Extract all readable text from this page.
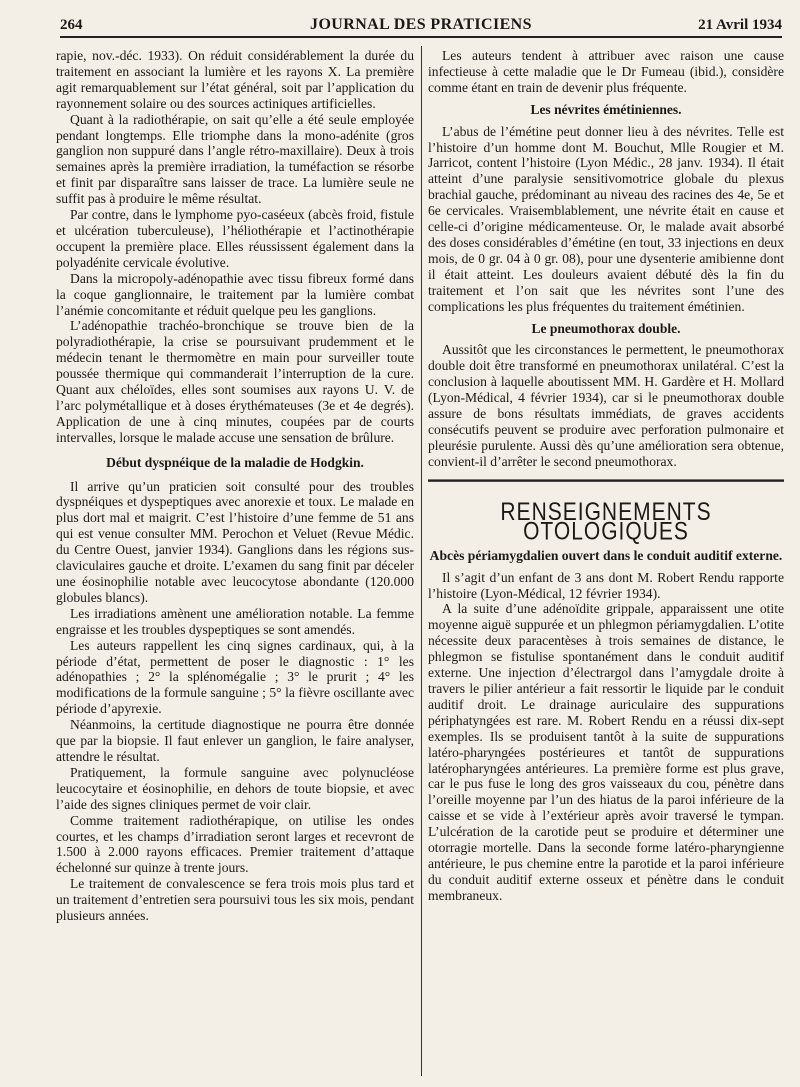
264	JOURNAL DES PRATICIENS	21 Avril 1934

rapie, nov.-déc. 1933). On réduit considérablement la durée du traitement en associant la lumière et les rayons X. La première agit remarquablement sur l’état général, soit par l’application du rayonnement solaire ou des sources actiniques artificielles.

Quant à la radiothérapie, on sait qu’elle a été seule employée pendant longtemps. Elle triomphe dans la mono-adénite (gros ganglion non suppuré dans l’angle rétro-maxillaire). Deux à trois semaines après la première irradiation, la tuméfaction se résorbe et finit par disparaître sans laisser de trace. La lumière seule ne suffit pas à produire le même résultat.

Par contre, dans le lymphome pyo-caséeux (abcès froid, fistule et ulcération tuberculeuse), l’héliothérapie et l’actinothérapie occupent la première place. Elles réussissent également dans la polyadénite cervicale évolutive.

Dans la micropoly-adénopathie avec tissu fibreux formé dans la coque ganglionnaire, le traitement par la lumière combat l’anémie concomitante et réduit quelque peu les ganglions.

L’adénopathie trachéo-bronchique se trouve bien de la polyradiothérapie, la crise se poursuivant prudemment et le médecin tenant le thermomètre en main pour surveiller toute poussée thermique qui commanderait l’interruption de la cure. Quant aux chéloïdes, elles sont soumises aux rayons U. V. de l’arc polymétallique et à doses érythémateuses (3e et 4e degrés). Application de une à cinq minutes, coupées par de courts intervalles, lorsque le malade accuse une sensation de brûlure.

Début dyspnéique de la maladie de Hodgkin.

Il arrive qu’un praticien soit consulté pour des troubles dyspnéiques et dyspeptiques avec anorexie et toux. Le malade en plus dort mal et maigrit. C’est l’histoire d’une femme de 51 ans qui est venue consulter MM. Perochon et Veluet (Revue Médic. du Centre Ouest, janvier 1934). Ganglions dans les régions sus-claviculaires gauche et droite. L’examen du sang finit par déceler une éosinophilie notable avec leucocytose abondante (120.000 globules blancs).

Les irradiations amènent une amélioration notable. La femme engraisse et les troubles dyspeptiques se sont amendés.

Les auteurs rappellent les cinq signes cardinaux, qui, à la période d’état, permettent de poser le diagnostic : 1° les adénopathies ; 2° la splénomégalie ; 3° le prurit ; 4° les modifications de la formule sanguine ; 5° la fièvre oscillante avec période d’apyrexie.

Néanmoins, la certitude diagnostique ne pourra être donnée que par la biopsie. Il faut enlever un ganglion, le faire analyser, attendre le résultat.

Pratiquement, la formule sanguine avec polynucléose leucocytaire et éosinophilie, en dehors de toute biopsie, et avec l’aide des signes cliniques permet de voir clair.

Comme traitement radiothérapique, on utilise les ondes courtes, et les champs d’irradiation seront larges et recevront de 1.500 à 2.000 rayons efficaces. Premier traitement d’attaque échelonné sur quinze à trente jours.

Le traitement de convalescence se fera trois mois plus tard et un traitement d’entretien sera poursuivi tous les six mois, pendant plusieurs années.

Les auteurs tendent à attribuer avec raison une cause infectieuse à cette maladie que le Dr Fumeau (ibid.), considère comme étant en train de devenir plus fréquente.

Les névrites émétiniennes.

L’abus de l’émétine peut donner lieu à des névrites. Telle est l’histoire d’un homme dont M. Bouchut, Mlle Rougier et M. Jarricot, content l’histoire (Lyon Médic., 28 janv. 1934). Il était atteint d’une paralysie sensitivomotrice globale du plexus brachial gauche, prédominant au niveau des racines des 4e, 5e et 6e cervicales. Vraisemblablement, une névrite était en cause et celle-ci d’origine médicamenteuse. Or, le malade avait absorbé des doses considérables d’émétine (en tout, 33 injections en deux mois, de 0 gr. 04 à 0 gr. 08), pour une dysenterie amibienne dont il était atteint. Les douleurs avaient débuté dès la fin du traitement et l’on sait que les névrites sont l’une des complications les plus fréquentes du traitement émétinien.

Le pneumothorax double.

Aussitôt que les circonstances le permettent, le pneumothorax double doit être transformé en pneumothorax unilatéral. C’est la conclusion à laquelle aboutissent MM. H. Gardère et H. Mollard (Lyon-Médical, 4 février 1934), car si le pneumothorax double assure de bons résultats immédiats, de graves accidents consécutifs peuvent se produire avec perforation pulmonaire et pleurésie purulente. Aussi dès qu’une amélioration sera obtenue, convient-il d’arrêter le second pneumothorax.

RENSEIGNEMENTS OTOLOGIQUES
Abcès périamygdalien ouvert dans le conduit auditif externe.

Il s’agit d’un enfant de 3 ans dont M. Robert Rendu rapporte l’histoire (Lyon-Médical, 12 février 1934).

A la suite d’une adénoïdite grippale, apparaissent une otite moyenne aiguë suppurée et un phlegmon périamygdalien. L’otite nécessite deux paracentèses à trois semaines de distance, le phlegmon se fistulise spontanément dans le conduit auditif externe. Une injection d’électrargol dans l’amygdale droite à travers le pilier antérieur a fait ressortir le liquide par le conduit auditif droit. Le drainage auriculaire des suppurations périphatyngées est rare. M. Robert Rendu en a réussi dix-sept exemples. Ils se produisent tantôt à la suite de suppurations latéro-pharyngées postérieures et tantôt de suppurations latéropharyngées antérieures. La première forme est plus grave, car le pus fuse le long des gros vaisseaux du cou, pénètre dans l’oreille moyenne par l’un des hiatus de la paroi inférieure de la caisse et se vide à l’extérieur après avoir traversé le tympan. L’ulcération de la carotide peut se produire et déterminer une otorragie mortelle. Dans la seconde forme latéro-pharyngienne antérieure, le pus chemine entre la parotide et la paroi inférieure du conduit auditif externe osseux et pénètre dans le conduit membraneux.
